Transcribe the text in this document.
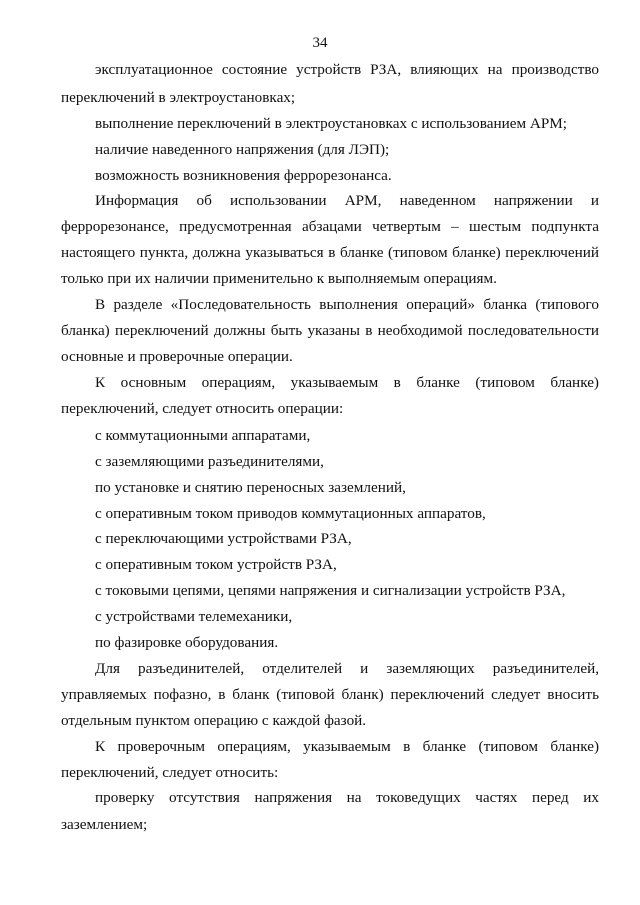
34
эксплуатационное состояние устройств РЗА, влияющих на производство
переключений в электроустановках;
выполнение переключений в электроустановках с использованием АРМ;
наличие наведенного напряжения (для ЛЭП);
возможность возникновения феррорезонанса.
Информация об использовании АРМ, наведенном напряжении и
феррорезонансе, предусмотренная абзацами четвертым – шестым подпункта
настоящего пункта, должна указываться в бланке (типовом бланке) переключений
только при их наличии применительно к выполняемым операциям.
В разделе «Последовательность выполнения операций» бланка (типового
бланка) переключений должны быть указаны в необходимой последовательности
основные и проверочные операции.
К основным операциям, указываемым в бланке (типовом бланке)
переключений, следует относить операции:
с коммутационными аппаратами,
с заземляющими разъединителями,
по установке и снятию переносных заземлений,
с оперативным током приводов коммутационных аппаратов,
с переключающими устройствами РЗА,
с оперативным током устройств РЗА,
с токовыми цепями, цепями напряжения и сигнализации устройств РЗА,
с устройствами телемеханики,
по фазировке оборудования.
Для разъединителей, отделителей и заземляющих разъединителей,
управляемых пофазно, в бланк (типовой бланк) переключений следует вносить
отдельным пунктом операцию с каждой фазой.
К проверочным операциям, указываемым в бланке (типовом бланке)
переключений, следует относить:
проверку отсутствия напряжения на токоведущих частях перед их
заземлением;
